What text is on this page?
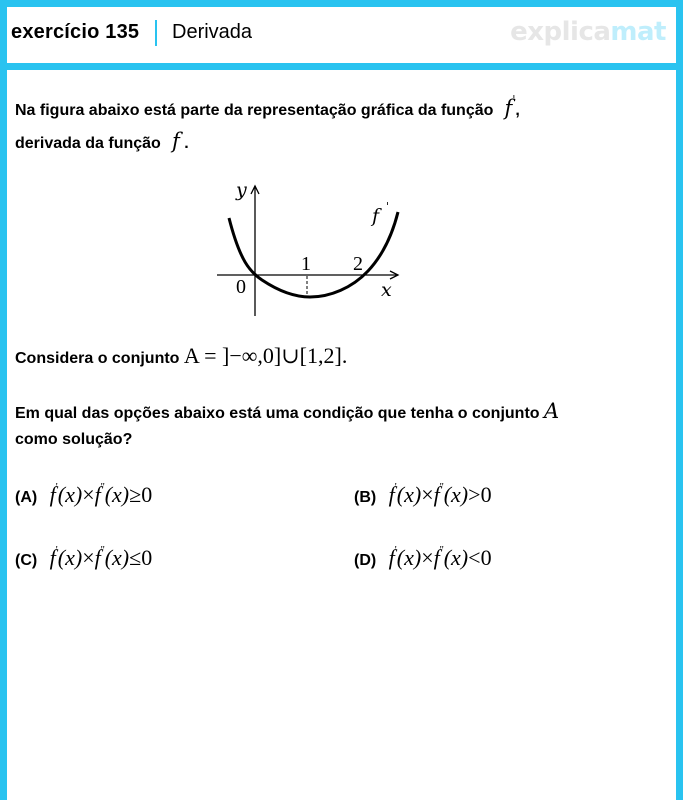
exercício 135 Derivada	explicamat
Na figura abaixo está parte da representação gráfica da função f',
derivada da função f .
y
x
0
1 2
f '
Considera o conjunto A = ]−∞,0]∪[1,2].
Em qual das opções abaixo está uma condição que tenha o conjunto A
como solução?
(A) f'(x)×f''(x)≥0	(B) f'(x)×f''(x)>0
(C) f'(x)×f''(x)≤0	(D) f'(x)×f''(x)<0
